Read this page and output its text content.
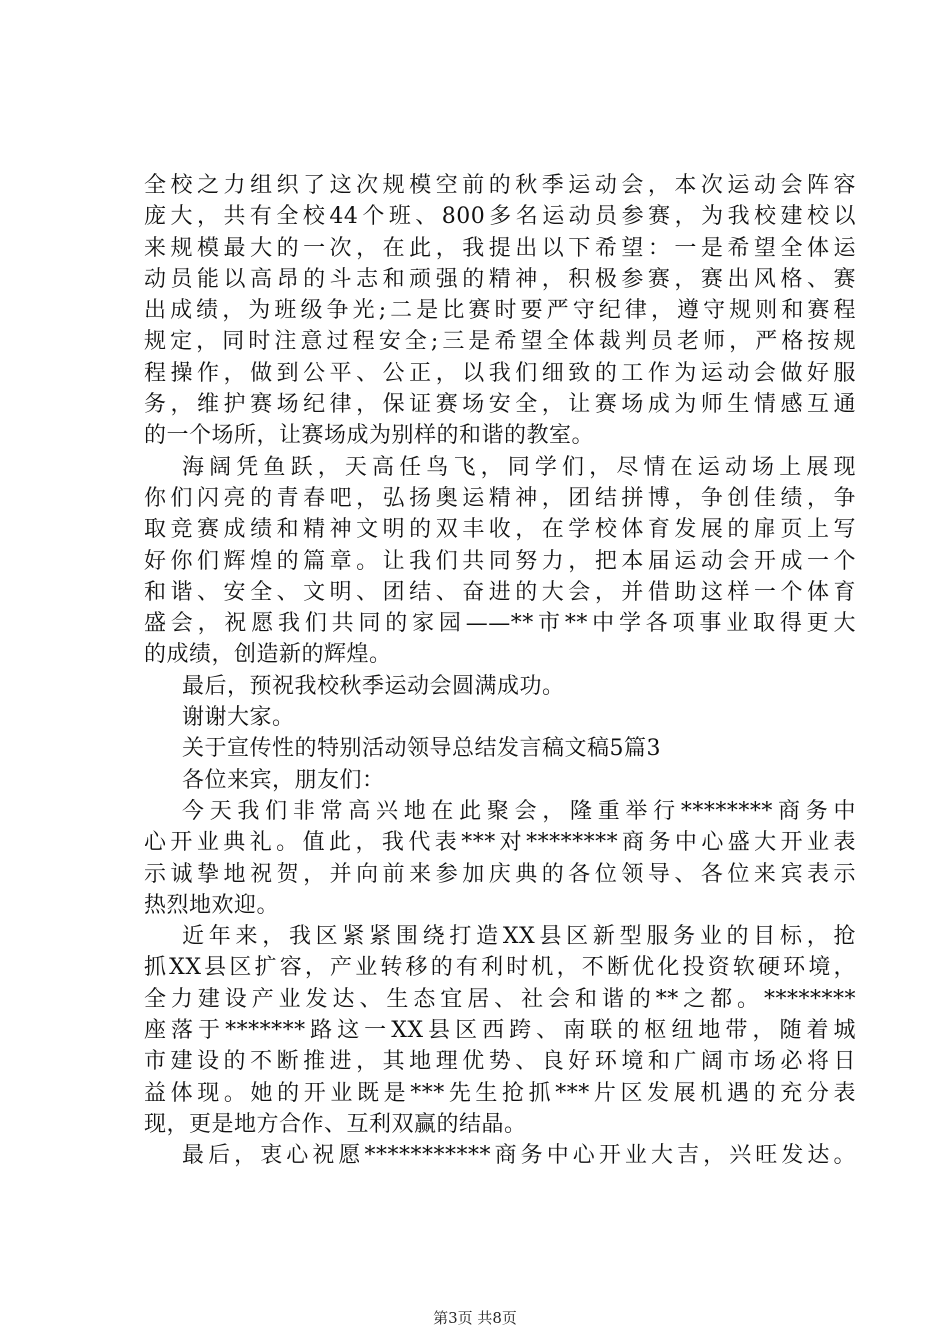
全校之力组织了这次规模空前的秋季运动会，本次运动会阵容
庞大，共有全校44个班、800多名运动员参赛，为我校建校以
来规模最大的一次，在此，我提出以下希望：一是希望全体运
动员能以高昂的斗志和顽强的精神，积极参赛，赛出风格、赛
出成绩，为班级争光;二是比赛时要严守纪律，遵守规则和赛程
规定，同时注意过程安全;三是希望全体裁判员老师，严格按规
程操作，做到公平、公正，以我们细致的工作为运动会做好服
务，维护赛场纪律，保证赛场安全，让赛场成为师生情感互通
的一个场所，让赛场成为别样的和谐的教室。
海阔凭鱼跃，天高任鸟飞，同学们，尽情在运动场上展现
你们闪亮的青春吧，弘扬奥运精神，团结拼博，争创佳绩，争
取竞赛成绩和精神文明的双丰收，在学校体育发展的扉页上写
好你们辉煌的篇章。让我们共同努力，把本届运动会开成一个
和谐、安全、文明、团结、奋进的大会，并借助这样一个体育
盛会，祝愿我们共同的家园——**市**中学各项事业取得更大
的成绩，创造新的辉煌。
最后，预祝我校秋季运动会圆满成功。
谢谢大家。
关于宣传性的特别活动领导总结发言稿文稿5篇3
各位来宾，朋友们：
今天我们非常高兴地在此聚会，隆重举行********商务中
心开业典礼。值此，我代表***对********商务中心盛大开业表
示诚挚地祝贺，并向前来参加庆典的各位领导、各位来宾表示
热烈地欢迎。
近年来，我区紧紧围绕打造XX县区新型服务业的目标，抢
抓XX县区扩容，产业转移的有利时机，不断优化投资软硬环境，
全力建设产业发达、生态宜居、社会和谐的**之都。********
座落于*******路这一XX县区西跨、南联的枢纽地带，随着城
市建设的不断推进，其地理优势、良好环境和广阔市场必将日
益体现。她的开业既是***先生抢抓***片区发展机遇的充分表
现，更是地方合作、互利双赢的结晶。
最后，衷心祝愿***********商务中心开业大吉，兴旺发达。
第3页 共8页
